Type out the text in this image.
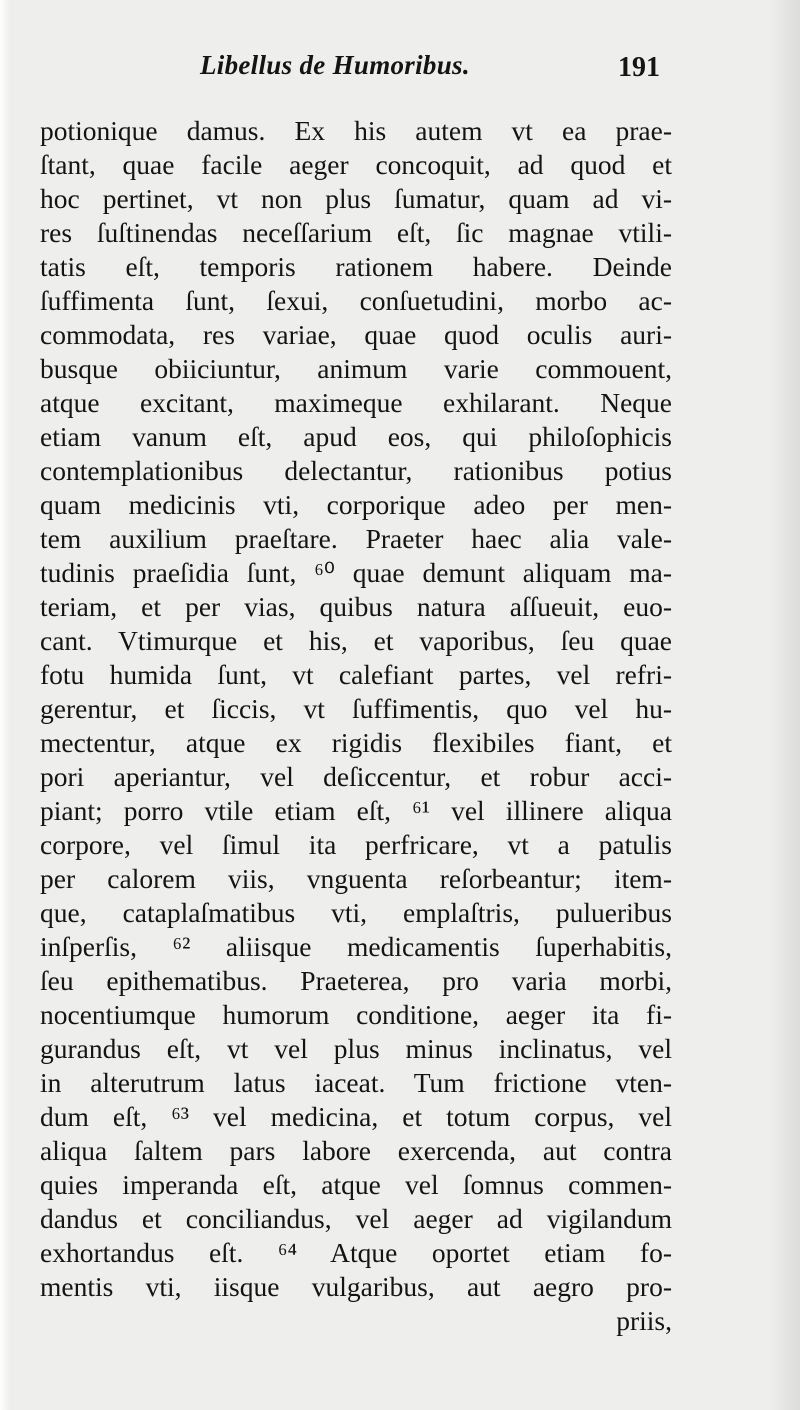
Libellus de Humoribus.	191
potionique damus. Ex his autem vt ea prae-
ſtant, quae facile aeger concoquit, ad quod et
hoc pertinet, vt non plus ſumatur, quam ad vi-
res ſuſtinendas neceſſarium eſt, ſic magnae vtili-
tatis eſt, temporis rationem habere. Deinde
ſuffimenta ſunt, ſexui, conſuetudini, morbo ac-
commodata, res variae, quae quod oculis auri-
busque obiiciuntur, animum varie commouent,
atque excitant, maximeque exhilarant. Neque
etiam vanum eſt, apud eos, qui philoſophicis
contemplationibus delectantur, rationibus potius
quam medicinis vti, corporique adeo per men-
tem auxilium praeſtare. Praeter haec alia vale-
tudinis praeſidia ſunt, ⁶⁰ quae demunt aliquam ma-
teriam, et per vias, quibus natura aſſueuit, euo-
cant. Vtimurque et his, et vaporibus, ſeu quae
fotu humida ſunt, vt calefiant partes, vel refri-
gerentur, et ſiccis, vt ſuffimentis, quo vel hu-
mectentur, atque ex rigidis flexibiles fiant, et
pori aperiantur, vel deſiccentur, et robur acci-
piant; porro vtile etiam eſt, ⁶¹ vel illinere aliqua
corpore, vel ſimul ita perfricare, vt a patulis
per calorem viis, vnguenta reſorbeantur; item-
que, cataplaſmatibus vti, emplaſtris, pulueribus
inſperſis, ⁶² aliisque medicamentis ſuperhabitis,
ſeu epithematibus. Praeterea, pro varia morbi,
nocentiumque humorum conditione, aeger ita fi-
gurandus eſt, vt vel plus minus inclinatus, vel
in alterutrum latus iaceat. Tum frictione vten-
dum eſt, ⁶³ vel medicina, et totum corpus, vel
aliqua ſaltem pars labore exercenda, aut contra
quies imperanda eſt, atque vel ſomnus commen-
dandus et conciliandus, vel aeger ad vigilandum
exhortandus eſt. ⁶⁴ Atque oportet etiam fo-
mentis vti, iisque vulgaribus, aut aegro pro-
priis,
